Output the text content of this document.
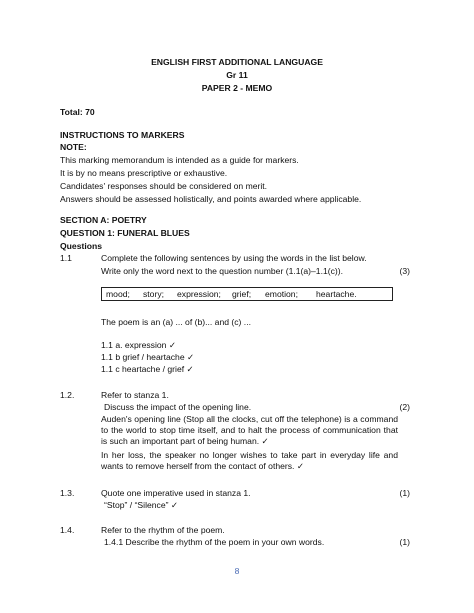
ENGLISH FIRST ADDITIONAL LANGUAGE
Gr 11
PAPER 2 - MEMO
Total: 70
INSTRUCTIONS TO MARKERS
NOTE:
This marking memorandum is intended as a guide for markers.
It is by no means prescriptive or exhaustive.
Candidates' responses should be considered on merit.
Answers should be assessed holistically, and points awarded where applicable.
SECTION A: POETRY
QUESTION 1: FUNERAL BLUES
Questions
1.1	Complete the following sentences by using the words in the list below.
Write only the word next to the question number (1.1(a)–1.1(c)).	(3)
mood; story; expression; grief; emotion; heartache.
The poem is an (a) ... of (b)... and (c) ...
1.1 a. expression ✓
1.1 b grief / heartache ✓
1.1 c heartache / grief ✓
1.2.	Refer to stanza 1.
Discuss the impact of the opening line.	(2)
Auden's opening line (Stop all the clocks, cut off the telephone) is a command to the world to stop time itself, and to halt the process of communication that is such an important part of being human. ✓
In her loss, the speaker no longer wishes to take part in everyday life and wants to remove herself from the contact of others. ✓
1.3.	Quote one imperative used in stanza 1.	(1)
“Stop” / “Silence” ✓
1.4.	Refer to the rhythm of the poem.
1.4.1 Describe the rhythm of the poem in your own words.	(1)
8
